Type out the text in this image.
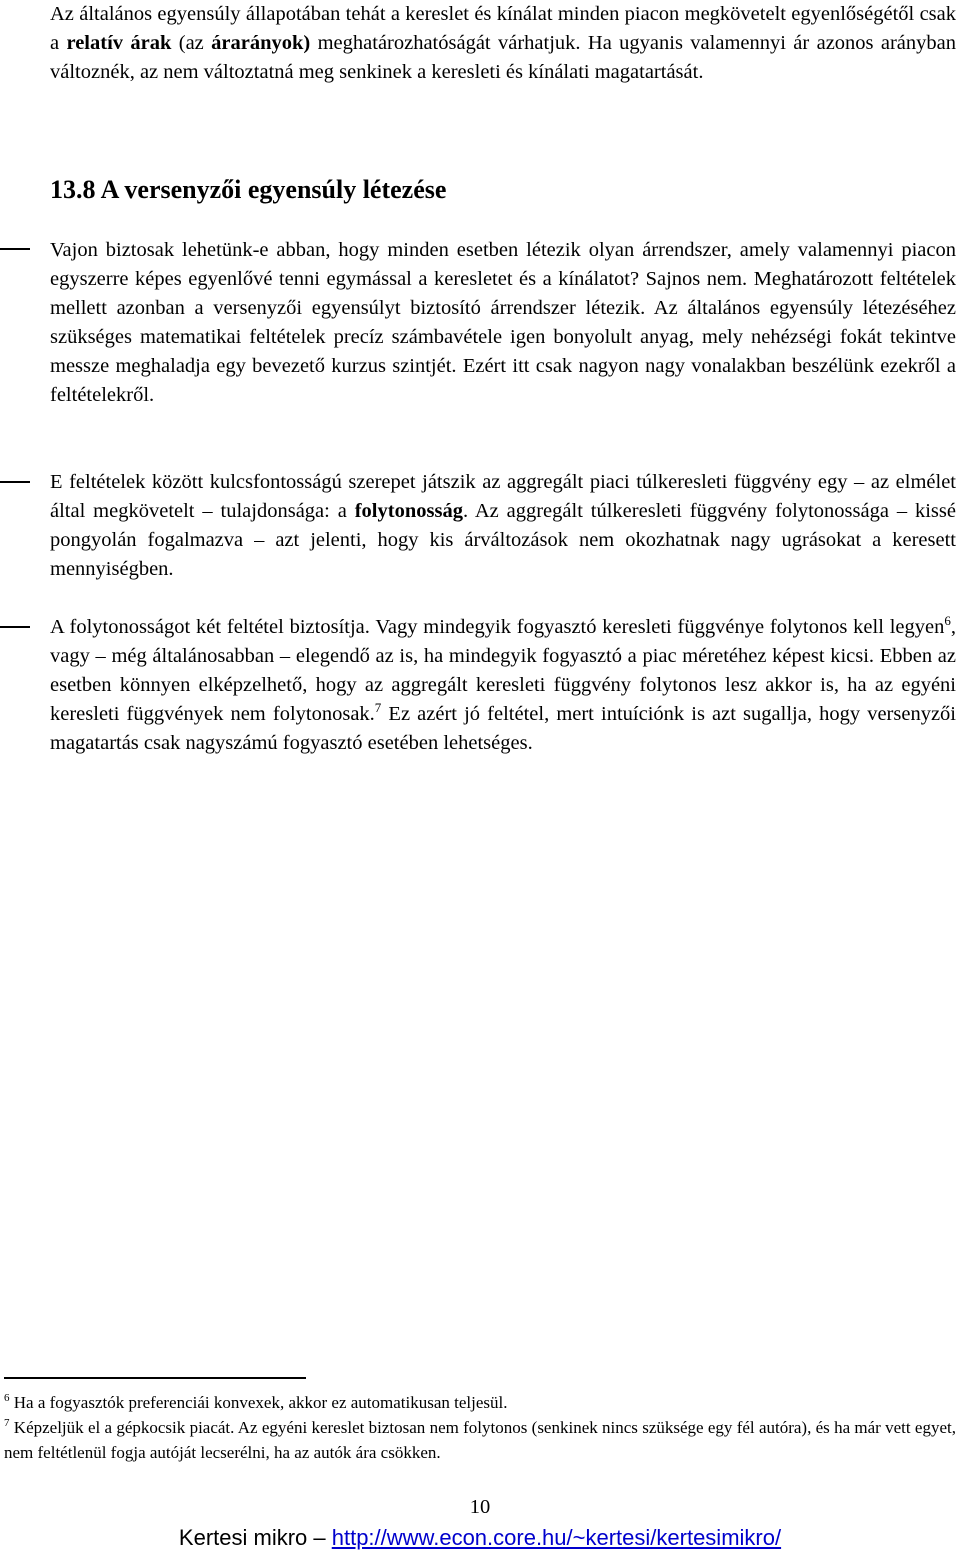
Az általános egyensúly állapotában tehát a kereslet és kínálat minden piacon megkövetelt egyenlőségétől csak a relatív árak (az árarányok) meghatározhatóságát várhatjuk. Ha ugyanis valamennyi ár azonos arányban változnék, az nem változtatná meg senkinek a keresleti és kínálati magatartását.

13.8 A versenyzői egyensúly létezése

Vajon biztosak lehetünk-e abban, hogy minden esetben létezik olyan árrendszer, amely valamennyi piacon egyszerre képes egyenlővé tenni egymással a keresletet és a kínálatot? Sajnos nem. Meghatározott feltételek mellett azonban a versenyzői egyensúlyt biztosító árrendszer létezik. Az általános egyensúly létezéséhez szükséges matematikai feltételek precíz számbavétele igen bonyolult anyag, mely nehézségi fokát tekintve messze meghaladja egy bevezető kurzus szintjét. Ezért itt csak nagyon nagy vonalakban beszélünk ezekről a feltételekről.

E feltételek között kulcsfontosságú szerepet játszik az aggregált piaci túlkeresleti függvény egy – az elmélet által megkövetelt – tulajdonsága: a folytonosság. Az aggregált túlkeresleti függvény folytonossága – kissé pongyolán fogalmazva – azt jelenti, hogy kis árváltozások nem okozhatnak nagy ugrásokat a keresett mennyiségben.

A folytonosságot két feltétel biztosítja. Vagy mindegyik fogyasztó keresleti függvénye folytonos kell legyen$^6$, vagy – még általánosabban – elegendő az is, ha mindegyik fogyasztó a piac méretéhez képest kicsi. Ebben az esetben könnyen elképzelhető, hogy az aggregált keresleti függvény folytonos lesz akkor is, ha az egyéni keresleti függvények nem folytonosak.$^7$ Ez azért jó feltétel, mert intuíciónk is azt sugallja, hogy versenyzői magatartás csak nagyszámú fogyasztó esetében lehetséges.

$^6$ Ha a fogyasztók preferenciái konvexek, akkor ez automatikusan teljesül.

$^7$ Képzeljük el a gépkocsik piacát. Az egyéni kereslet biztosan nem folytonos (senkinek nincs szüksége egy fél autóra), és ha már vett egyet, nem feltétlenül fogja autóját lecserélni, ha az autók ára csökken.

10
Kertesi mikro – http://www.econ.core.hu/~kertesi/kertesimikro/
